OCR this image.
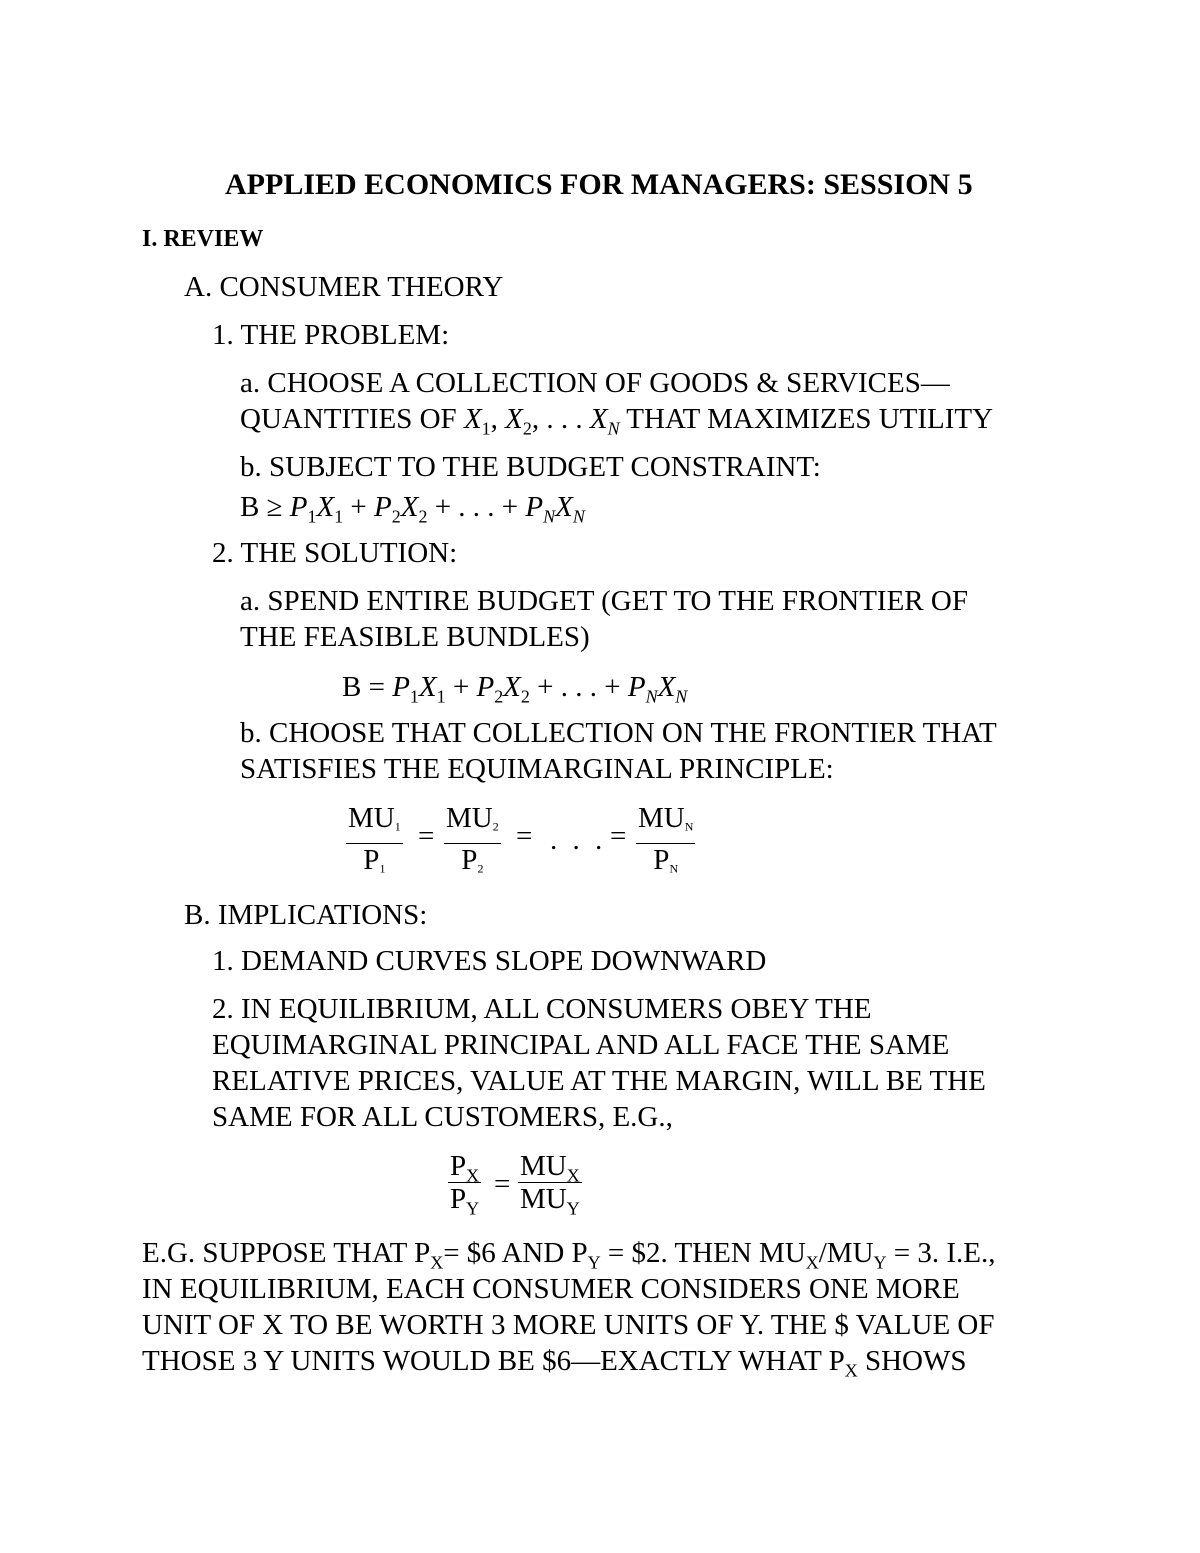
APPLIED ECONOMICS FOR MANAGERS: SESSION 5
I. REVIEW
A. CONSUMER THEORY
1. THE PROBLEM:
a. CHOOSE A COLLECTION OF GOODS & SERVICES—
QUANTITIES OF $X_1$, $X_2$, . . . $X_N$ THAT MAXIMIZES UTILITY
b. SUBJECT TO THE BUDGET CONSTRAINT:
$B \ge P_1X_1 + P_2X_2$ + . . . + $P_NX_N$
2. THE SOLUTION:
a. SPEND ENTIRE BUDGET (GET TO THE FRONTIER OF
THE FEASIBLE BUNDLES)
$B = P_1X_1 + P_2X_2$ + . . . + $P_NX_N$
b. CHOOSE THAT COLLECTION ON THE FRONTIER THAT
SATISFIES THE EQUIMARGINAL PRINCIPLE:
$\frac{MU1}{P1} = \frac{MU2}{P2}$ = . . . =
MUN
PN
B. IMPLICATIONS:
1. DEMAND CURVES SLOPE DOWNWARD
2. IN EQUILIBRIUM, ALL CONSUMERS OBEY THE
EQUIMARGINAL PRINCIPAL AND ALL FACE THE SAME
RELATIVE PRICES, VALUE AT THE MARGIN, WILL BE THE
SAME FOR ALL CUSTOMERS, E.G.,
$\frac{P_X}{P_Y}$ =
$MU_X$
$MU_Y$
E.G. SUPPOSE THAT $P_X=$ $6 AND $P_Y$ = $2. THEN $MU_X/MU_Y = 3$. I.E.,
IN EQUILIBRIUM, EACH CONSUMER CONSIDERS ONE MORE
UNIT OF X TO BE WORTH 3 MORE UNITS OF Y. THE $ VALUE OF
THOSE 3 Y UNITS WOULD BE $6—EXACTLY WHAT $P_X$ SHOWS
